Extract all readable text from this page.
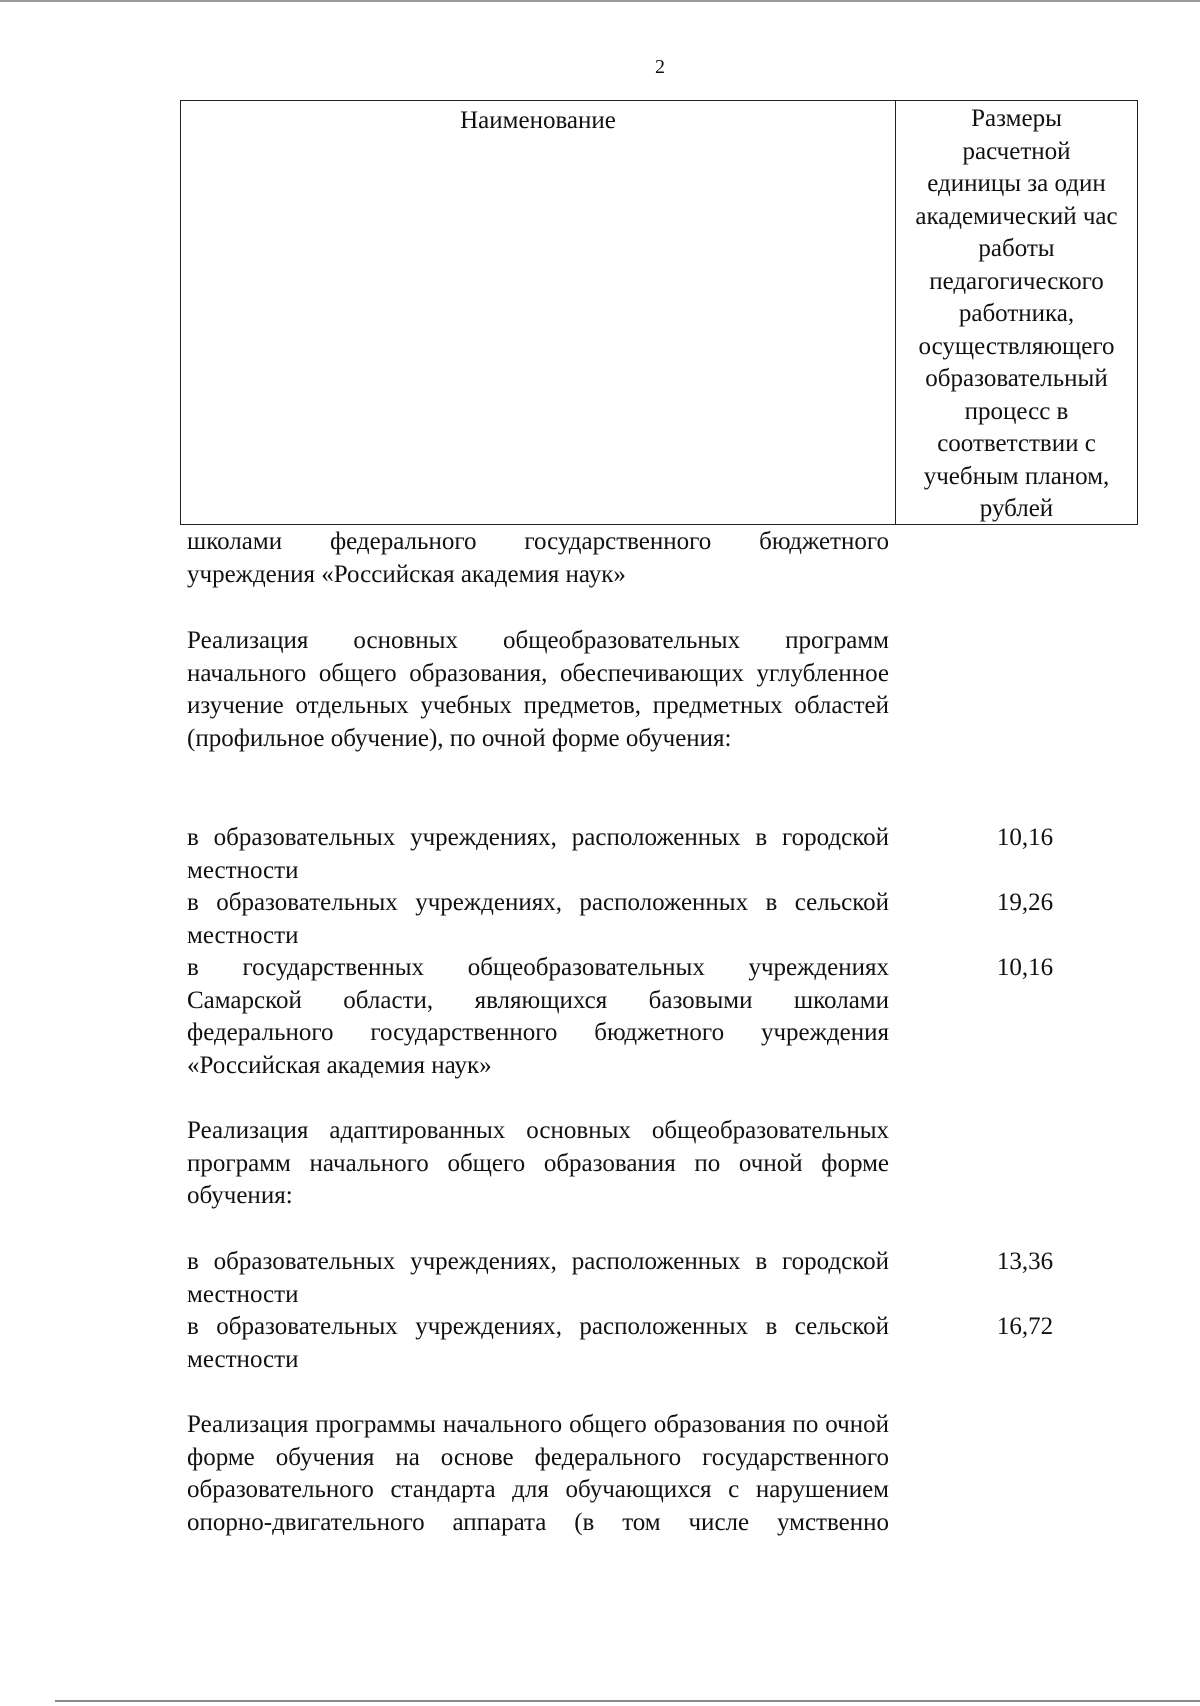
2
Наименование	Размеры
расчетной
единицы за один
академический час
работы
педагогического
работника,
осуществляющего
образовательный
процесс в
соответствии с
учебным планом,
рублей
школами федерального государственного бюджетного учреждения «Российская академия наук»
Реализация основных общеобразовательных программ начального общего образования, обеспечивающих углубленное изучение отдельных учебных предметов, предметных областей (профильное обучение), по очной форме обучения:
в образовательных учреждениях, расположенных в городской местности
10,16
в образовательных учреждениях, расположенных в сельской местности
19,26
в государственных общеобразовательных учреждениях Самарской области, являющихся базовыми школами федерального государственного бюджетного учреждения «Российская академия наук»
10,16
Реализация адаптированных основных общеобразовательных программ начального общего образования по очной форме обучения:
в образовательных учреждениях, расположенных в городской местности
13,36
в образовательных учреждениях, расположенных в сельской местности
16,72
Реализация программы начального общего образования по очной форме обучения на основе федерального государственного образовательного стандарта для обучающихся с нарушением опорно-двигательного аппарата (в том числе умственно
